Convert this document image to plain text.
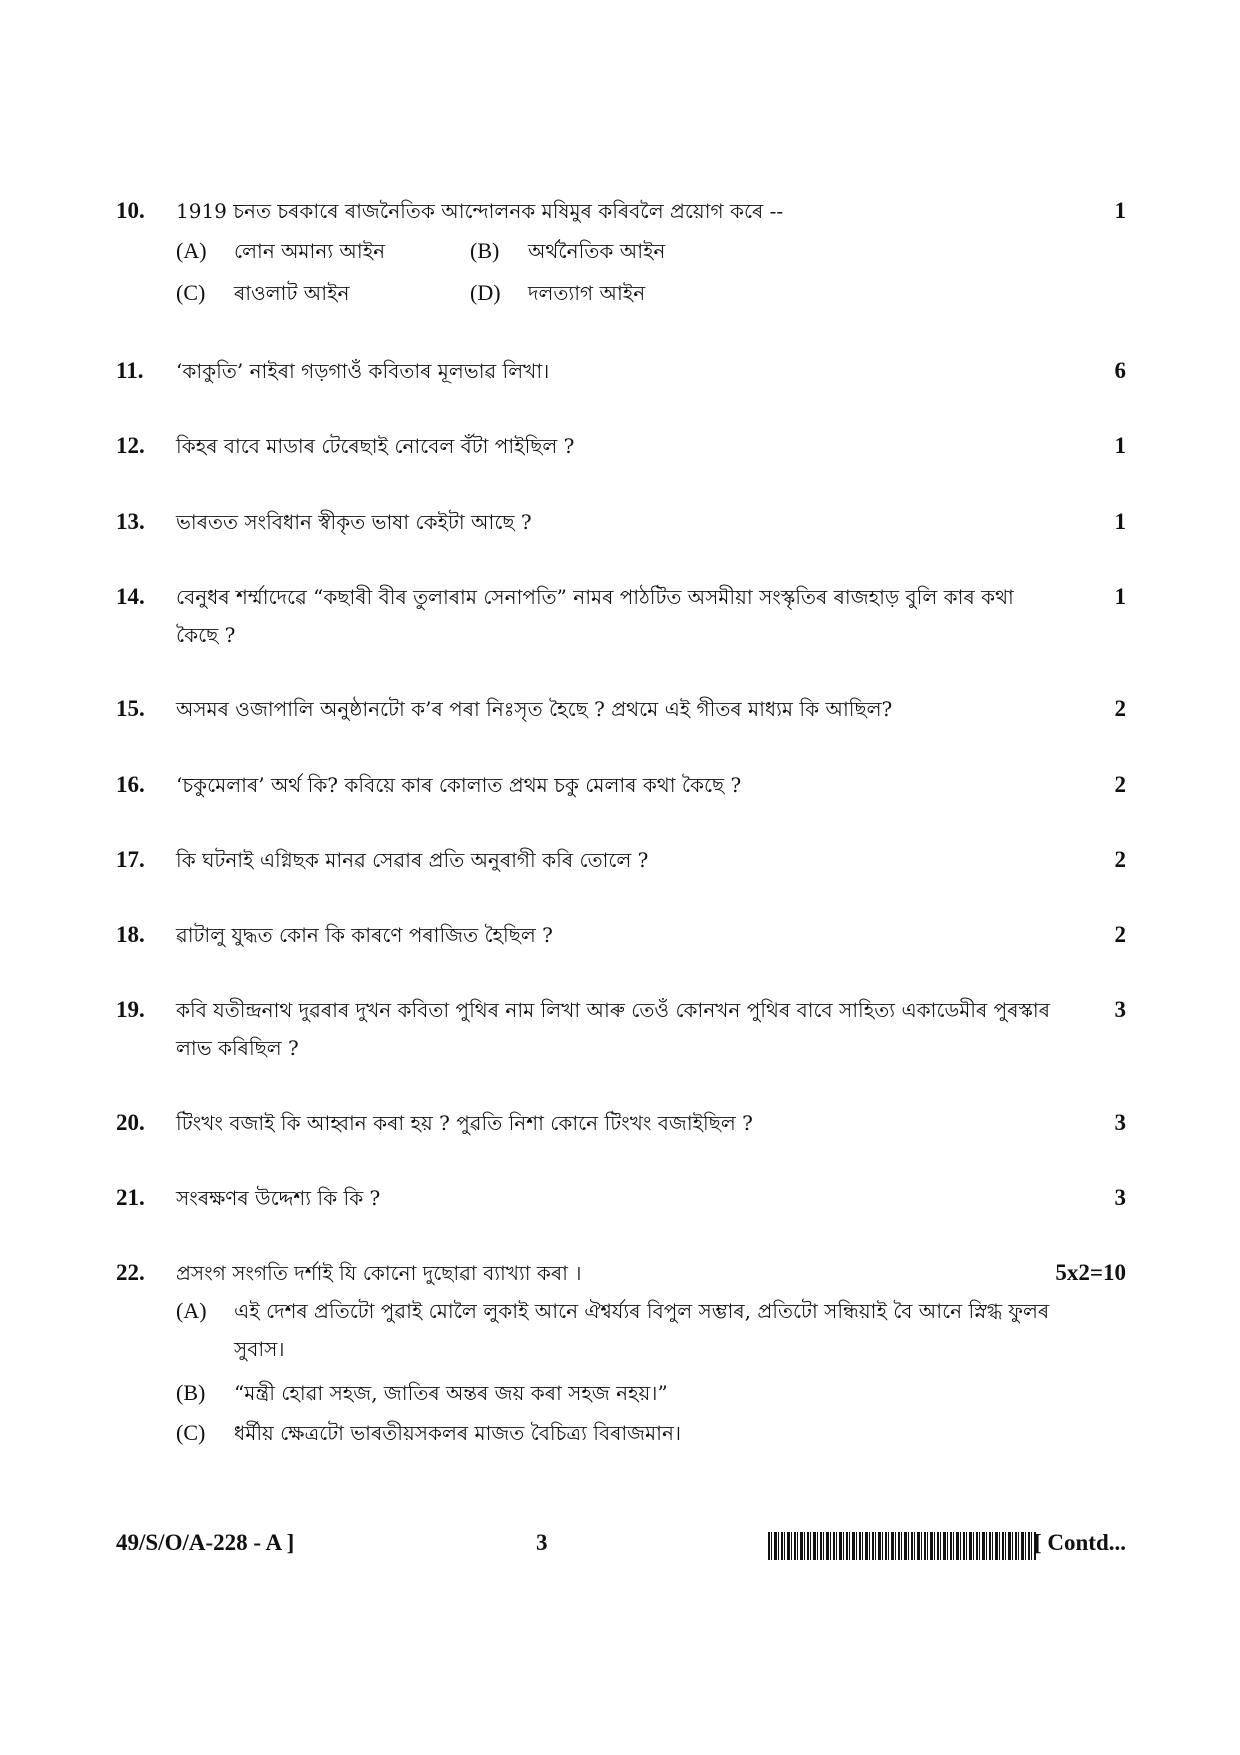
10. 1919 চনত চৰকাৰে ৰাজনৈতিক আন্দোলনক মষিমুৰ কৰিবলৈ প্ৰয়োগ কৰে --	1
(A) লোন অমান্য আইন	(B) অৰ্থনৈতিক আইন
(C) ৰাওলাট আইন	(D) দলত্যাগ আইন
11. ‘কাকুতি’ নাইৰা গড়গাওঁ কবিতাৰ মূলভাৱ লিখা।	6
12. কিহৰ বাবে মাডাৰ টেৰেছাই নোবেল বঁটা পাইছিল ?	1
13. ভাৰতত সংবিধান স্বীকৃত ভাষা কেইটা আছে ?	1
14. বেনুধৰ শৰ্ম্মাদেৱে “কছাৰী বীৰ তুলাৰাম সেনাপতি” নামৰ পাঠটিত অসমীয়া সংস্কৃতিৰ ৰাজহাড় বুলি কাৰ কথা কৈছে ?
1
15. অসমৰ ওজাপালি অনুষ্ঠানটো ক’ৰ পৰা নিঃসৃত হৈছে ? প্ৰথমে এই গীতৰ মাধ্যম কি আছিল?	2
16. ‘চকুমেলাৰ’ অৰ্থ কি? কবিয়ে কাৰ কোলাত প্ৰথম চকু মেলাৰ কথা কৈছে ?	2
17. কি ঘটনাই এগ্নিছক মানৱ সেৱাৰ প্ৰতি অনুৰাগী কৰি তোলে ?	2
18. ৱাটালু যুদ্ধত কোন কি কাৰণে পৰাজিত হৈছিল ?	2
19. কবি যতীন্দ্ৰনাথ দুৱৰাৰ দুখন কবিতা পুথিৰ নাম লিখা আৰু তেওঁ কোনখন পুথিৰ বাবে সাহিত্য একাডেমীৰ পুৰস্কাৰ লাভ কৰিছিল ?
3
20. টিংখং বজাই কি আহ্বান কৰা হয় ? পুৱতি নিশা কোনে টিংখং বজাইছিল ?	3
21. সংৰক্ষণৰ উদ্দেশ্য কি কি ?	3
22. প্ৰসংগ সংগতি দৰ্শাই যি কোনো দুছোৱা ব্যাখ্যা কৰা ।	5x2=10
(A) এই দেশৰ প্ৰতিটো পুৱাই মোলৈ লুকাই আনে ঐশ্বৰ্য্যৰ বিপুল সম্ভাৰ, প্ৰতিটো সন্ধিয়াই বৈ আনে স্নিগ্ধ ফুলৰ সুবাস।
(B) “মন্ত্ৰী হোৱা সহজ, জাতিৰ অন্তৰ জয় কৰা সহজ নহয়।”
(C) ধৰ্মীয় ক্ষেত্ৰটো ভাৰতীয়সকলৰ মাজত বৈচিত্ৰ্য বিৰাজমান।
49/S/O/A-228 - A ]	3	[ Contd...
